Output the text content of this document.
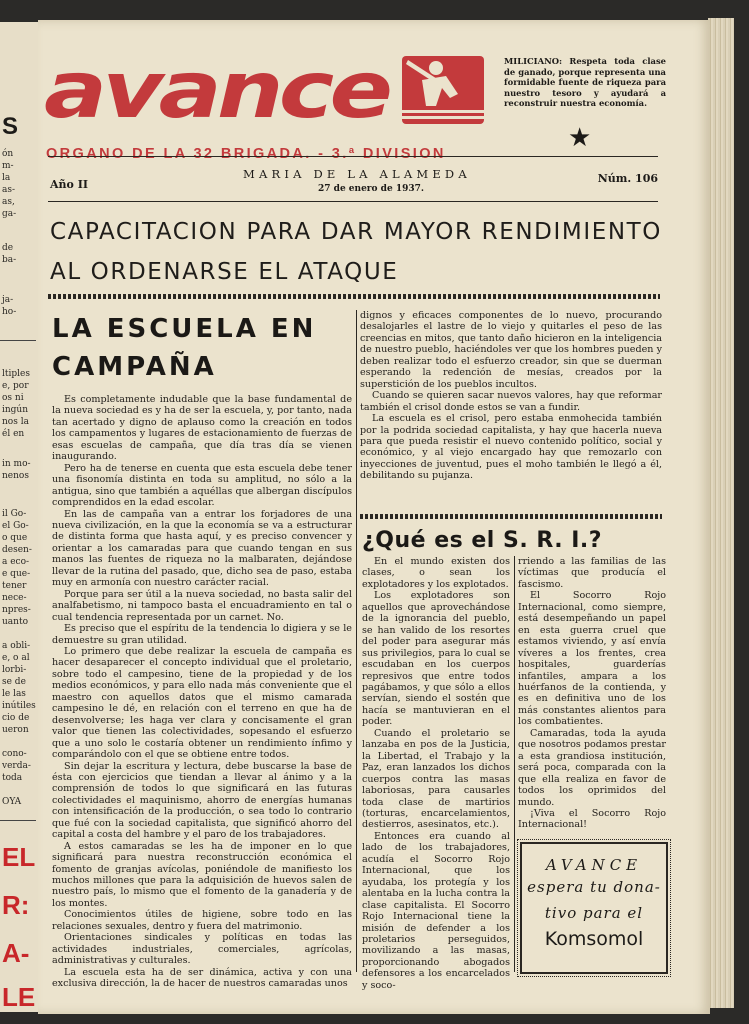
S
ón
m-
la
as-
as,
ga-
de
ba-
ja-
ho-
ltiples
e, por
os ni
ingún
nos la
él en
in mo-
nenos
il Go-
el Go-
o que
desen-
a eco-
e que-
tener
nece-
npres-
uanto
a obli-
e, o al
lorbi-
se de
le las
inútiles
cio de
ueron
cono-
verda-
toda
OYA
EL
R:
A-
LE
avance
ORGANO DE LA 32 BRIGADA. - 3.ª DIVISION
MILICIANO: Respeta toda clase de ganado, porque representa una formidable fuente de riqueza para nuestro tesoro y ayudará a reconstruir nuestra economía.
★
Año II
MARIA DE LA ALAMEDA
27 de enero de 1937.
Núm. 106
CAPACITACION PARA DAR MAYOR RENDIMIENTO AL ORDENARSE EL ATAQUE
LA ESCUELA EN CAMPAÑA

Es completamente indudable que la base fundamental de la nueva sociedad es y ha de ser la escuela, y, por tanto, nada tan acertado y digno de aplauso como la creación en todos los campamentos y lugares de estacionamiento de fuerzas de esas escuelas de campaña, que día tras día se vienen inaugurando.

Pero ha de tenerse en cuenta que esta escuela debe tener una fisonomía distinta en toda su amplitud, no sólo a la antigua, sino que también a aquéllas que albergan discípulos comprendidos en la edad escolar.

En las de campaña van a entrar los forjadores de una nueva civilización, en la que la economía se va a estructurar de distinta forma que hasta aquí, y es preciso convencer y orientar a los camaradas para que cuando tengan en sus manos las fuentes de riqueza no la malbaraten, dejándose llevar de la rutina del pasado, que, dicho sea de paso, estaba muy en armonía con nuestro carácter racial.

Porque para ser útil a la nueva sociedad, no basta salir del analfabetismo, ni tampoco basta el encuadramiento en tal o cual tendencia representada por un carnet. No.

Es preciso que el espíritu de la tendencia lo digiera y se le demuestre su gran utilidad.

Lo primero que debe realizar la escuela de campaña es hacer desaparecer el concepto individual que el proletario, sobre todo el campesino, tiene de la propiedad y de los medios económicos, y para ello nada más conveniente que el maestro con aquellos datos que el mismo camarada campesino le dé, en relación con el terreno en que ha de desenvolverse; les haga ver clara y concisamente el gran valor que tienen las colectividades, sopesando el esfuerzo que a uno solo le costaría obtener un rendimiento ínfimo y comparándolo con el que se obtiene entre todos.

Sin dejar la escritura y lectura, debe buscarse la base de ésta con ejercicios que tiendan a llevar al ánimo y a la comprensión de todos lo que significará en las futuras colectividades el maquinismo, ahorro de energías humanas con intensificación de la producción, o sea todo lo contrario que fué con la sociedad capitalista, que significó ahorro del capital a costa del hambre y el paro de los trabajadores.

A estos camaradas se les ha de imponer en lo que significará para nuestra reconstrucción económica el fomento de granjas avícolas, poniéndole de manifiesto los muchos millones que para la adquisición de huevos salen de nuestro país, lo mismo que el fomento de la ganadería y de los montes.

Conocimientos útiles de higiene, sobre todo en las relaciones sexuales, dentro y fuera del matrimonio.

Orientaciones sindicales y políticas en todas las actividades industriales, comerciales, agrícolas, administrativas y culturales.

La escuela esta ha de ser dinámica, activa y con una exclusiva dirección, la de hacer de nuestros camaradas unos

dignos y eficaces componentes de lo nuevo, procurando desalojarles el lastre de lo viejo y quitarles el peso de las creencias en mitos, que tanto daño hicieron en la inteligencia de nuestro pueblo, haciéndoles ver que los hombres pueden y deben realizar todo el esfuerzo creador, sin que se duerman esperando la redención de mesías, creados por la superstición de los pueblos incultos.

Cuando se quieren sacar nuevos valores, hay que reformar también el crisol donde estos se van a fundir.

La escuela es el crisol, pero estaba enmohecida también por la podrida sociedad capitalista, y hay que hacerla nueva para que pueda resistir el nuevo contenido político, social y económico, y al viejo encargado hay que remozarlo con inyecciones de juventud, pues el moho también le llegó a él, debilitando su pujanza.

¿Qué es el S. R. I.?

En el mundo existen dos clases, o sean los explotadores y los explotados.

Los explotadores son aquellos que aprovechándose de la ignorancia del pueblo, se han valido de los resortes del poder para asegurar más sus privilegios, para lo cual se escudaban en los cuerpos represivos que entre todos pagábamos, y que sólo a ellos servían, siendo el sostén que hacía se mantuvieran en el poder.

Cuando el proletario se lanzaba en pos de la Justicia, la Libertad, el Trabajo y la Paz, eran lanzados los dichos cuerpos contra las masas laboriosas, para causarles toda clase de martirios (torturas, encarcelamientos, destierros, asesinatos, etc.).

Entonces era cuando al lado de los trabajadores, acudía el Socorro Rojo Internacional, que los ayudaba, los protegía y los alentaba en la lucha contra la clase capitalista. El Socorro Rojo Internacional tiene la misión de defender a los proletarios perseguidos, movilizando a las masas, proporcionando abogados defensores a los encarcelados y soco-

rriendo a las familias de las víctimas que producía el fascismo.

El Socorro Rojo Internacional, como siempre, está desempeñando un papel en esta guerra cruel que estamos viviendo, y así envía víveres a los frentes, crea hospitales, guarderías infantiles, ampara a los huérfanos de la contienda, y es en definitiva uno de los más constantes alientos para los combatientes.

Camaradas, toda la ayuda que nosotros podamos prestar a esta grandiosa institución, será poca, comparada con la que ella realiza en favor de todos los oprimidos del mundo.

¡Viva el Socorro Rojo Internacional!

AVANCE
espera tu dona-
tivo para el
Komsomol
